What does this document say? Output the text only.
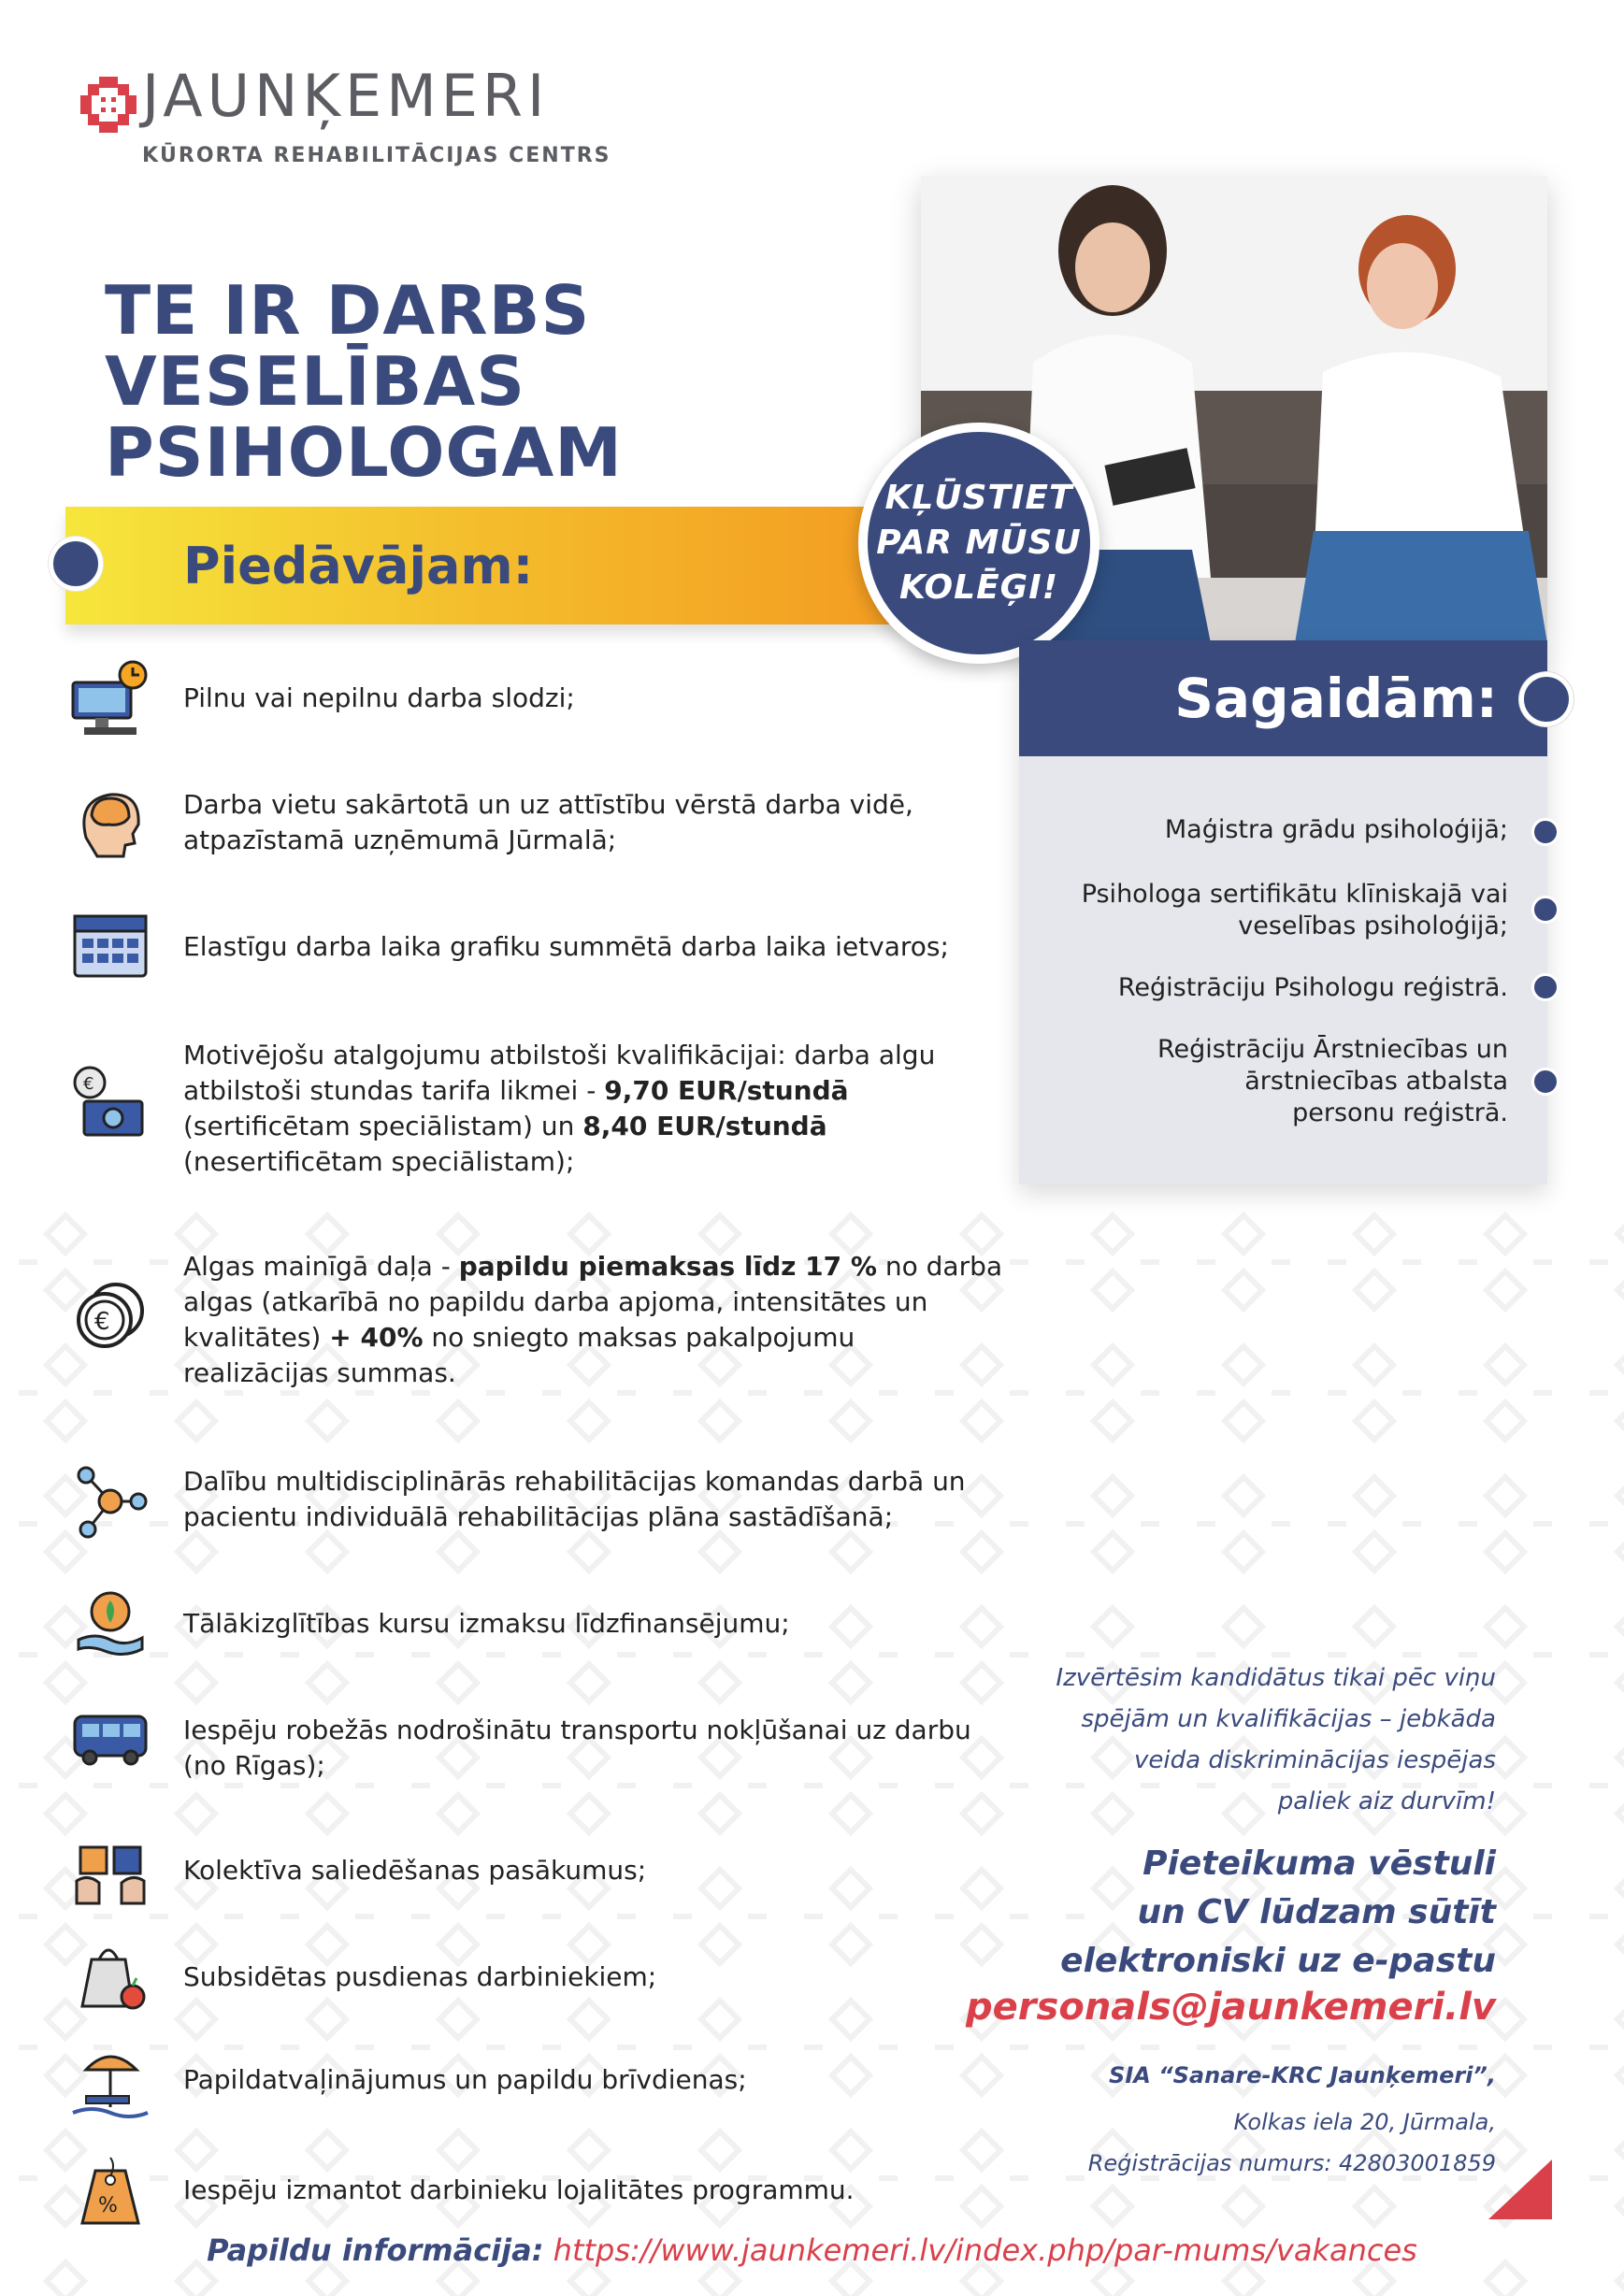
JAUNĶEMERI
KŪRORTA REHABILITĀCIJAS CENTRS
TE IR DARBS
VESELĪBAS
PSIHOLOGAM
Piedāvājam:
KĻŪSTIET
PAR MŪSU
KOLĒĢI!
Sagaidām:
Maģistra grādu psiholoģijā;
Psihologa sertifikātu klīniskajā vai
veselības psiholoģijā;
Reģistrāciju Psihologu reģistrā.
Reģistrāciju Ārstniecības un
ārstniecības atbalsta
personu reģistrā.
Pilnu vai nepilnu darba slodzi;
Darba vietu sakārtotā un uz attīstību vērstā darba vidē, atpazīstamā uzņēmumā Jūrmalā;
Elastīgu darba laika grafiku summētā darba laika ietvaros;
€
Motivējošu atalgojumu atbilstoši kvalifikācijai: darba algu atbilstoši stundas tarifa likmei - 9,70 EUR/stundā (sertificētam speciālistam) un 8,40 EUR/stundā (nesertificētam speciālistam);
€
Algas mainīgā daļa - papildu piemaksas līdz 17 % no darba algas (atkarībā no papildu darba apjoma, intensitātes un kvalitātes) + 40% no sniegto maksas pakalpojumu realizācijas summas.
Dalību multidisciplinārās rehabilitācijas komandas darbā un pacientu individuālā rehabilitācijas plāna sastādīšanā;
Tālākizglītības kursu izmaksu līdzfinansējumu;
Iespēju robežās nodrošinātu transportu nokļūšanai uz darbu (no Rīgas);
Kolektīva saliedēšanas pasākumus;
Subsidētas pusdienas darbiniekiem;
Papildatvaļinājumus un papildu brīvdienas;
%
Iespēju izmantot darbinieku lojalitātes programmu.
Izvērtēsim kandidātus tikai pēc viņu
spējām un kvalifikācijas – jebkāda
veida diskriminācijas iespējas
paliek aiz durvīm!
Pieteikuma vēstuli
un CV lūdzam sūtīt
elektroniski uz e-pastu
personals@jaunkemeri.lv
SIA “Sanare-KRC Jaunķemeri”,
Kolkas iela 20, Jūrmala,
Reģistrācijas numurs: 42803001859
Papildu informācija: https://www.jaunkemeri.lv/index.php/par-mums/vakances
